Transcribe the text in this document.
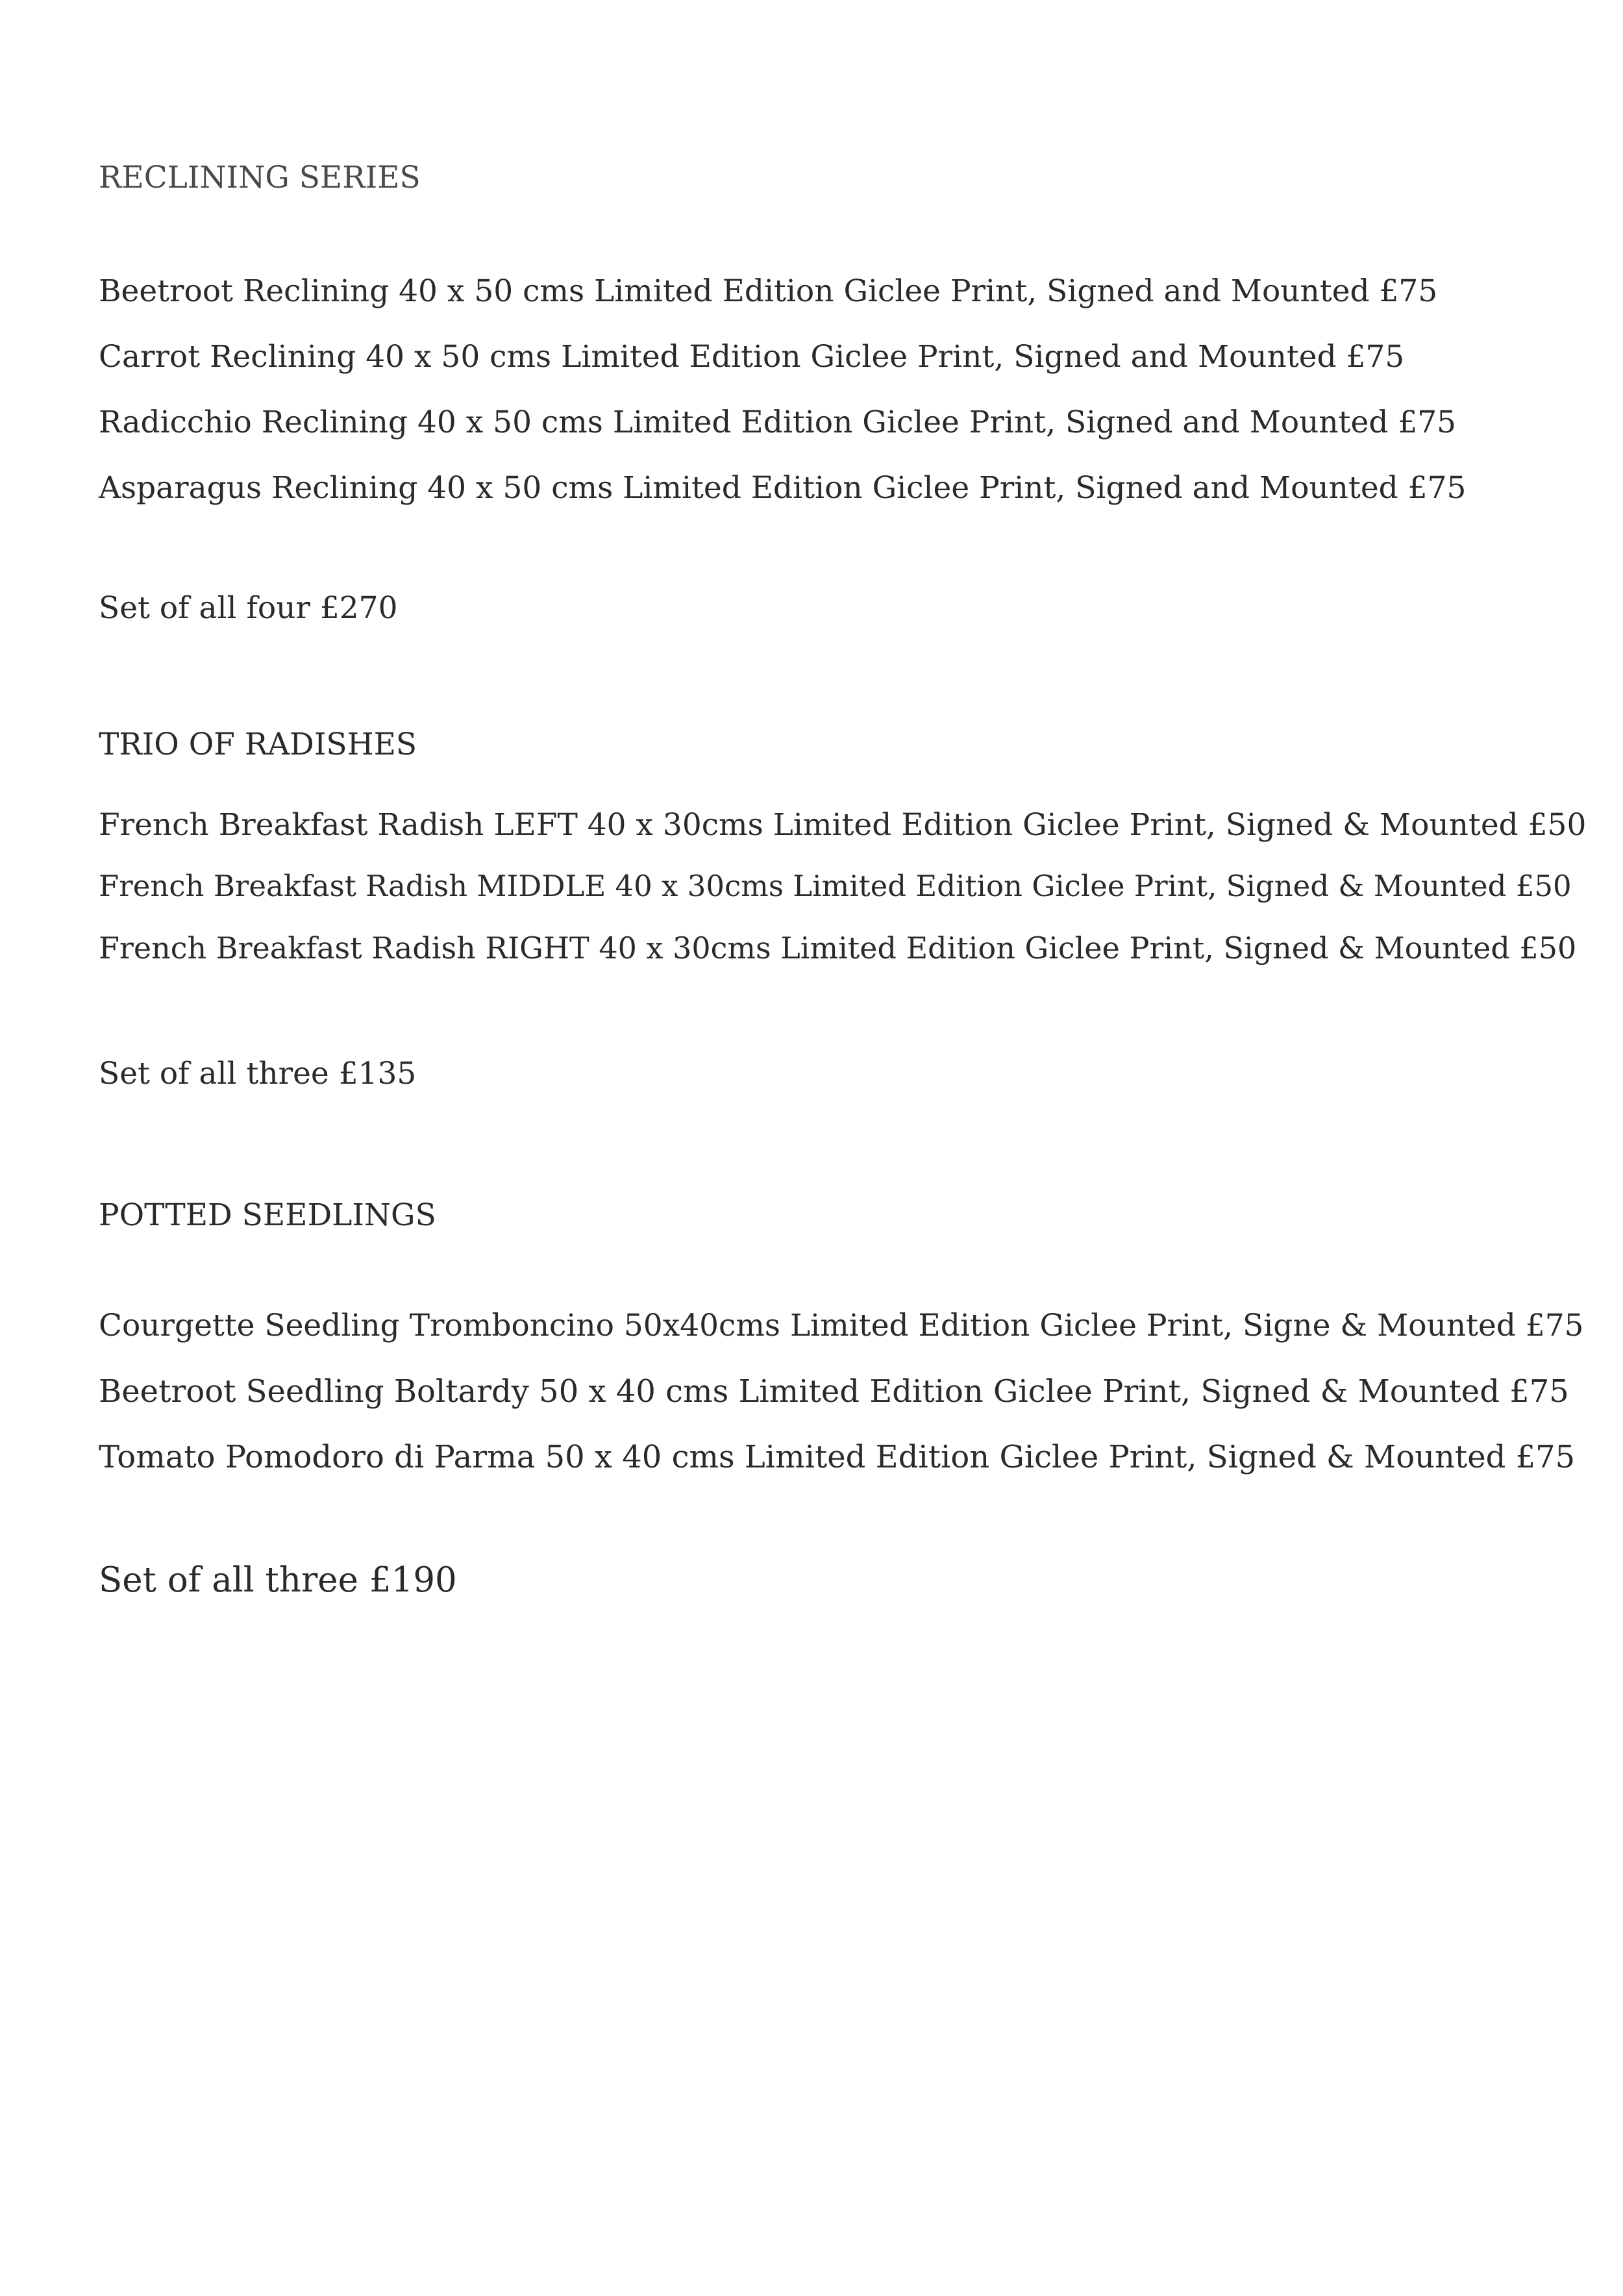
RECLINING SERIES

Beetroot Reclining 40 x 50 cms Limited Edition Giclee Print, Signed and Mounted £75

Carrot Reclining 40 x 50 cms Limited Edition Giclee Print, Signed and Mounted £75

Radicchio Reclining 40 x 50 cms Limited Edition Giclee Print, Signed and Mounted £75

Asparagus Reclining 40 x 50 cms Limited Edition Giclee Print, Signed and Mounted £75

Set of all four £270

TRIO OF RADISHES

French Breakfast Radish LEFT 40 x 30cms Limited Edition Giclee Print, Signed & Mounted £50

French Breakfast Radish MIDDLE 40 x 30cms Limited Edition Giclee Print, Signed & Mounted £50

French Breakfast Radish RIGHT 40 x 30cms Limited Edition Giclee Print, Signed & Mounted £50

Set of all three £135

POTTED SEEDLINGS

Courgette Seedling Tromboncino 50x40cms Limited Edition Giclee Print, Signe & Mounted £75

Beetroot Seedling Boltardy 50 x 40 cms Limited Edition Giclee Print, Signed & Mounted £75

Tomato Pomodoro di Parma 50 x 40 cms Limited Edition Giclee Print, Signed & Mounted £75

Set of all three £190
